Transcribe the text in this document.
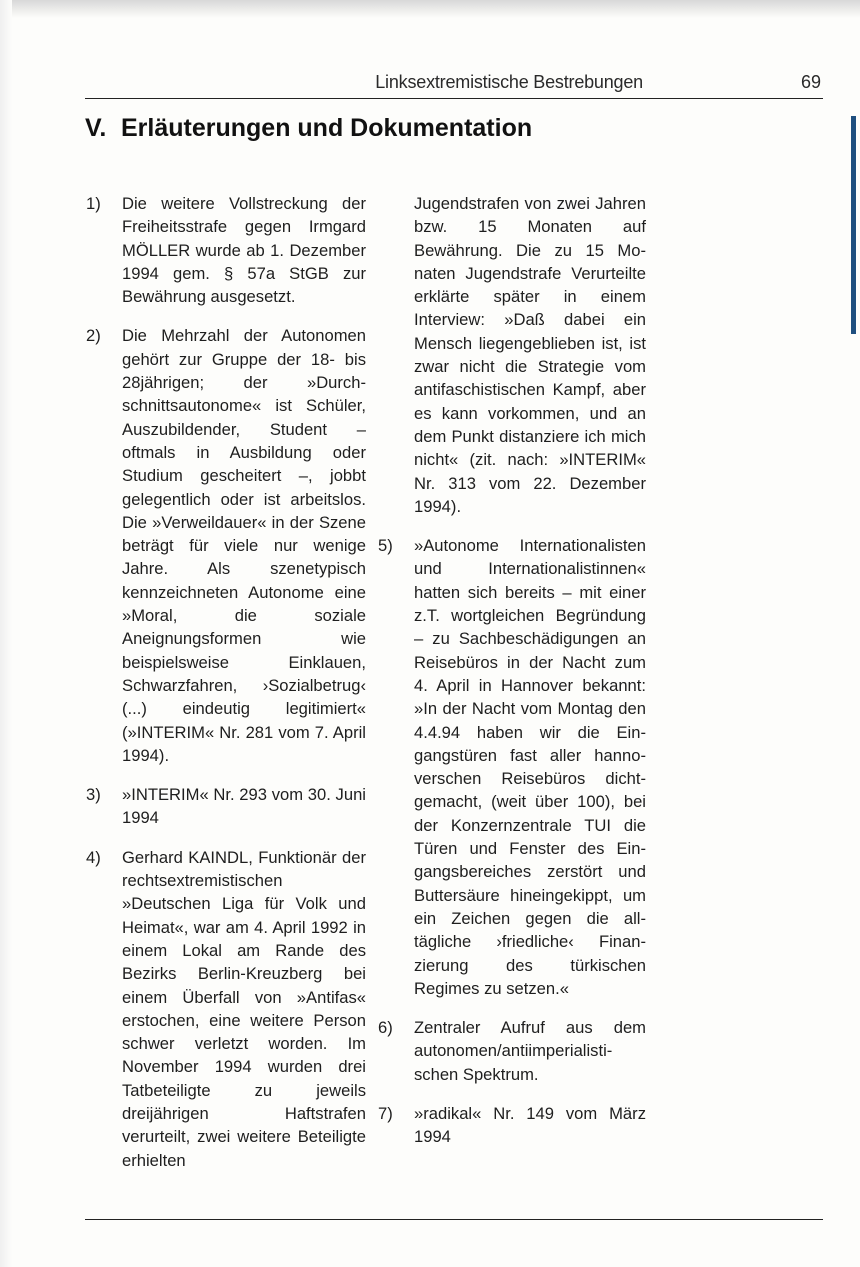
Linksextremistische Bestrebungen	69
V. Erläuterungen und Dokumentation
1)	Die weitere Vollstreckung der Freiheitsstrafe gegen Irmgard MÖLLER wurde ab 1. Dezember 1994 gem. § 57a StGB zur Bewährung ausgesetzt.
2)	Die Mehrzahl der Autonomen gehört zur Gruppe der 18- bis 28jährigen; der »Durchschnittsautonome« ist Schüler, Auszubildender, Student – oftmals in Ausbildung oder Studium gescheitert –, jobbt gelegentlich oder ist arbeitslos. Die »Verweildauer« in der Szene beträgt für viele nur wenige Jahre. Als szenetypisch kennzeichneten Autonome eine »Moral, die soziale Aneignungsformen wie beispielsweise Einklauen, Schwarzfahren, ›Sozialbetrug‹ (...) eindeutig legitimiert« (»INTERIM« Nr. 281 vom 7. April 1994).
3)	»INTERIM« Nr. 293 vom 30. Juni 1994
4)	Gerhard KAINDL, Funktionär der rechtsextremistischen »Deutschen Liga für Volk und Heimat«, war am 4. April 1992 in einem Lokal am Rande des Bezirks Berlin-Kreuzberg bei einem Überfall von »Antifas« erstochen, eine weitere Person schwer verletzt worden. Im November 1994 wurden drei Tatbeteiligte zu jeweils dreijährigen Haftstrafen verurteilt, zwei weitere Beteiligte erhielten
Jugendstrafen von zwei Jahren bzw. 15 Monaten auf Bewährung. Die zu 15 Monaten Jugendstrafe Verurteilte erklärte später in einem Interview: »Daß dabei ein Mensch liegengeblieben ist, ist zwar nicht die Strategie vom antifaschistischen Kampf, aber es kann vorkommen, und an dem Punkt distanziere ich mich nicht« (zit. nach: »INTERIM« Nr. 313 vom 22. Dezember 1994).
5)	»Autonome Internationalisten und Internationalistinnen« hatten sich bereits – mit einer z.T. wortgleichen Begründung – zu Sachbeschädigungen an Reisebüros in der Nacht zum 4. April in Hannover bekannt: »In der Nacht vom Montag den 4.4.94 haben wir die Eingangstüren fast aller hannoverschen Reisebüros dichtgemacht, (weit über 100), bei der Konzernzentrale TUI die Türen und Fenster des Eingangsbereiches zerstört und Buttersäure hineingekippt, um ein Zeichen gegen die alltägliche ›friedliche‹ Finanzierung des türkischen Regimes zu setzen.«
6)	Zentraler Aufruf aus dem autonomen/antiimperialistischen Spektrum.
7)	»radikal« Nr. 149 vom März 1994
